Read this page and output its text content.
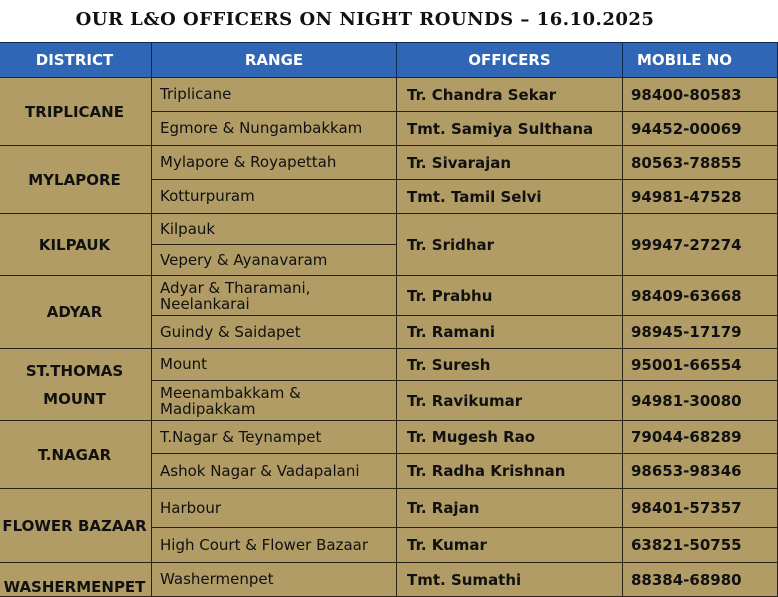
OUR L&O OFFICERS ON NIGHT ROUNDS – 16.10.2025
DISTRICT	RANGE	OFFICERS	MOBILE NO
TRIPLICANE	Triplicane	Tr. Chandra Sekar	98400-80583
	Egmore & Nungambakkam	Tmt. Samiya Sulthana	94452-00069
MYLAPORE	Mylapore & Royapettah	Tr. Sivarajan	80563-78855
	Kotturpuram	Tmt. Tamil Selvi	94981-47528
KILPAUK	Kilpauk	Tr. Sridhar	99947-27274
	Vepery & Ayanavaram		
ADYAR	Adyar & Tharamani, Neelankarai	Tr. Prabhu	98409-63668
	Guindy & Saidapet	Tr. Ramani	98945-17179
ST.THOMAS MOUNT	Mount	Tr. Suresh	95001-66554
	Meenambakkam & Madipakkam	Tr. Ravikumar	94981-30080
T.NAGAR	T.Nagar & Teynampet	Tr. Mugesh Rao	79044-68289
	Ashok Nagar & Vadapalani	Tr. Radha Krishnan	98653-98346
FLOWER BAZAAR	Harbour	Tr. Rajan	98401-57357
	High Court & Flower Bazaar	Tr. Kumar	63821-50755
WASHERMENPET	Washermenpet	Tmt. Sumathi	88384-68980
